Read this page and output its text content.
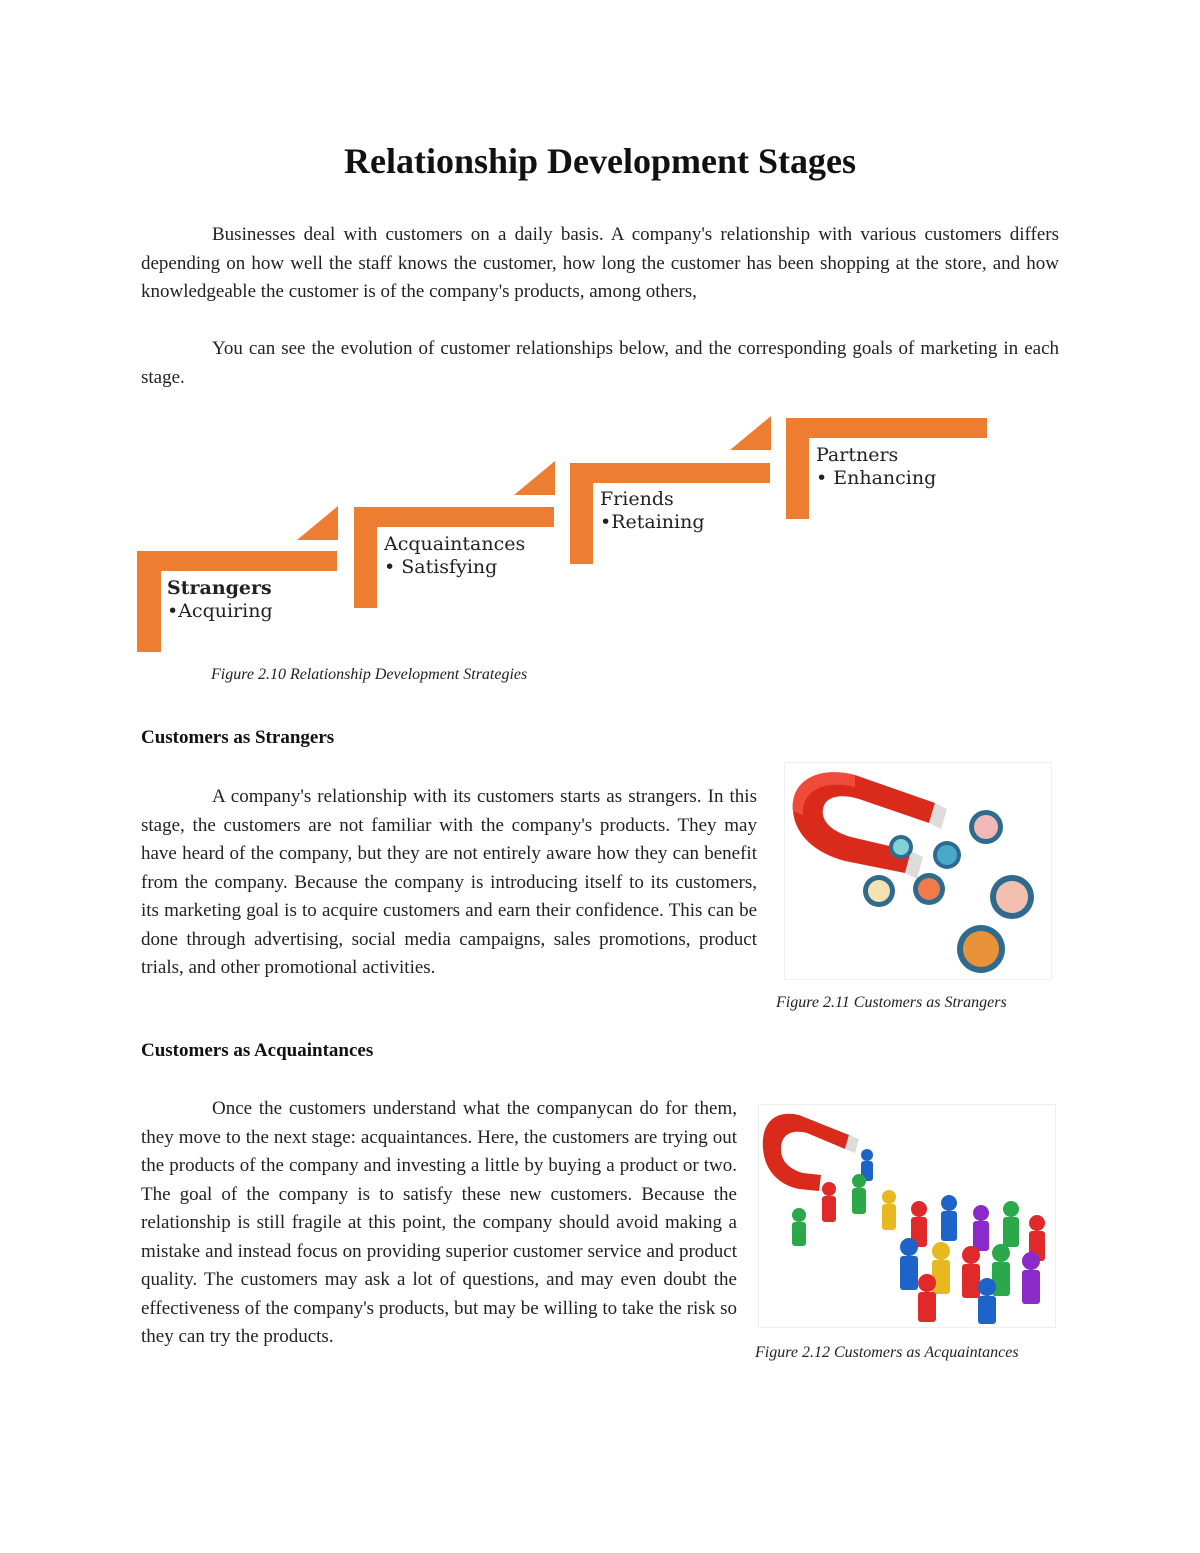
Relationship Development Stages

Businesses deal with customers on a daily basis. A company's relationship with various customers differs depending on how well the staff knows the customer, how long the customer has been shopping at the store, and how knowledgeable the customer is of the company's products, among others,

You can see the evolution of customer relationships below, and the corresponding goals of marketing in each stage.

Strangers
•Acquiring
Acquaintances
• Satisfying
Friends
•Retaining
Partners
• Enhancing
Figure 2.10 Relationship Development Strategies
Customers as Strangers

A company's relationship with its customers starts as strangers. In this stage, the customers are not familiar with the company's products. They may have heard of the company, but they are not entirely aware how they can benefit from the company. Because the company is introducing itself to its customers, its marketing goal is to acquire customers and earn their confidence. This can be done through advertising, social media campaigns, sales promotions, product trials, and other promotional activities.

Figure 2.11 Customers as Strangers
Customers as Acquaintances

Once the customers understand what the companycan do for them, they move to the next stage: acquaintances. Here, the customers are trying out the products of the company and investing a little by buying a product or two. The goal of the company is to satisfy these new customers. Because the relationship is still fragile at this point, the company should avoid making a mistake and instead focus on providing superior customer service and product quality. The customers may ask a lot of questions, and may even doubt the effectiveness of the company's products, but may be willing to take the risk so they can try the products.

Figure 2.12 Customers as Acquaintances
